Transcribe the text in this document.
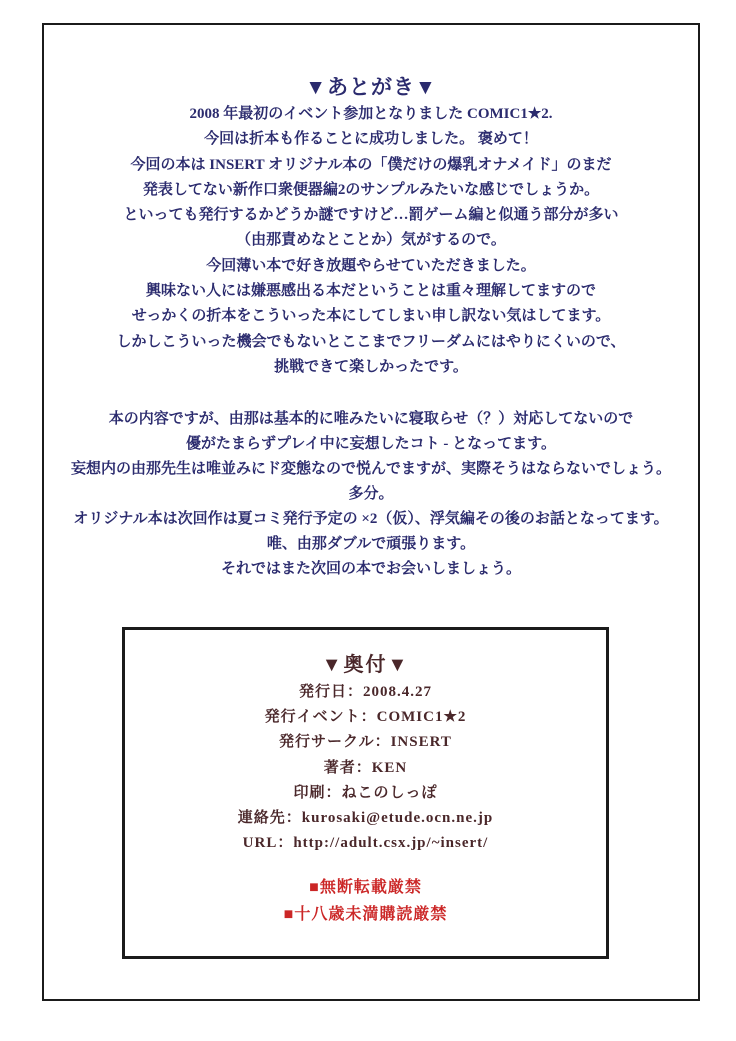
▼あとがき▼
2008 年最初のイベント参加となりました COMIC1★2.
今回は折本も作ることに成功しました。 褒めて！
今回の本は INSERT オリジナル本の「僕だけの爆乳オナメイド」のまだ
発表してない新作口衆便器編2のサンプルみたいな感じでしょうか。
といっても発行するかどうか謎ですけど…罰ゲーム編と似通う部分が多い
（由那責めなとことか）気がするので。
今回薄い本で好き放題やらせていただきました。
興味ない人には嫌悪感出る本だということは重々理解してますので
せっかくの折本をこういった本にしてしまい申し訳ない気はしてます。
しかしこういった機会でもないとここまでフリーダムにはやりにくいので、
挑戦できて楽しかったです。
本の内容ですが、由那は基本的に唯みたいに寝取らせ（？）対応してないので
優がたまらずプレイ中に妄想したコト - となってます。
妄想内の由那先生は唯並みにド変態なので悦んでますが、実際そうはならないでしょう。
多分。
オリジナル本は次回作は夏コミ発行予定の ×2（仮）、浮気編その後のお話となってます。
唯、由那ダブルで頑張ります。
それではまた次回の本でお会いしましょう。
▼奥付▼
発行日：2008.4.27
発行イベント：COMIC1★2
発行サークル：INSERT
著者：KEN
印刷：ねこのしっぽ
連絡先：kurosaki@etude.ocn.ne.jp
URL：http://adult.csx.jp/~insert/
■無断転載厳禁
■十八歳未満購読厳禁
